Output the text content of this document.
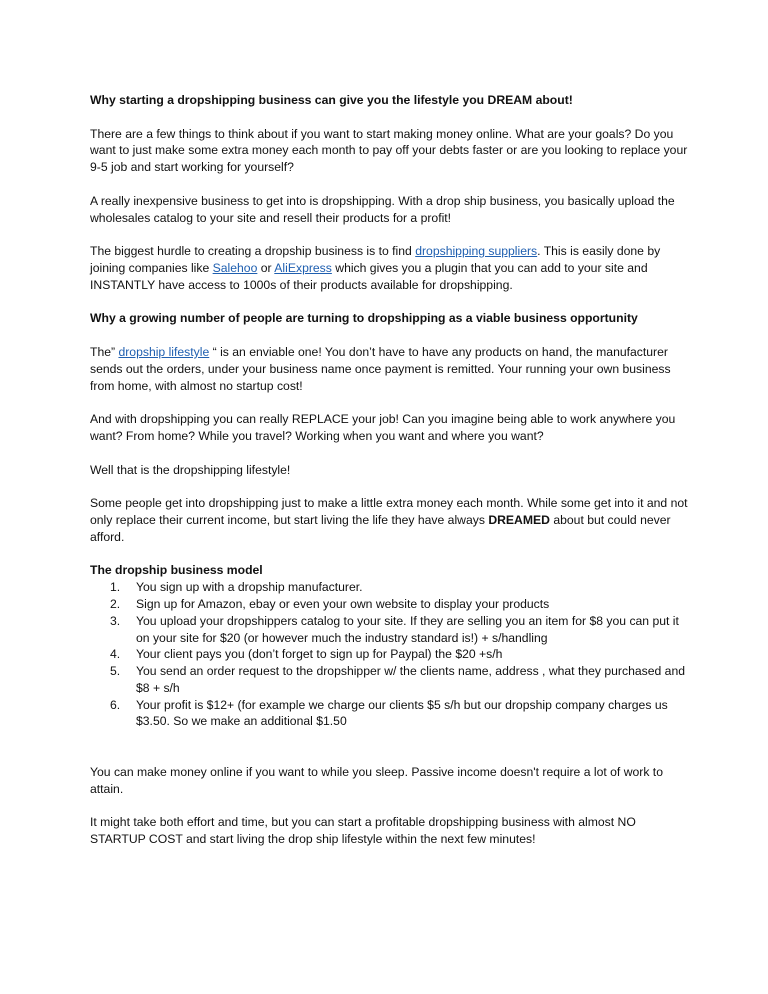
Why starting a dropshipping business can give you the lifestyle you DREAM about!

There are a few things to think about if you want to start making money online. What are your goals? Do you want to just make some extra money each month to pay off your debts faster or are you looking to replace your 9-5 job and start working for yourself?

A really inexpensive business to get into is dropshipping. With a drop ship business, you basically upload the wholesales catalog to your site and resell their products for a profit!

The biggest hurdle to creating a dropship business is to find dropshipping suppliers. This is easily done by joining companies like Salehoo or AliExpress which gives you a plugin that you can add to your site and INSTANTLY have access to 1000s of their products available for dropshipping.

Why a growing number of people are turning to dropshipping as a viable business opportunity

The” dropship lifestyle “ is an enviable one! You don’t have to have any products on hand, the manufacturer sends out the orders, under your business name once payment is remitted. Your running your own business from home, with almost no startup cost!

And with dropshipping you can really REPLACE your job! Can you imagine being able to work anywhere you want? From home? While you travel? Working when you want and where you want?

Well that is the dropshipping lifestyle!

Some people get into dropshipping just to make a little extra money each month. While some get into it and not only replace their current income, but start living the life they have always DREAMED about but could never afford.

The dropship business model
1. You sign up with a dropship manufacturer.
2. Sign up for Amazon, ebay or even your own website to display your products
3. You upload your dropshippers catalog to your site. If they are selling you an item for $8 you can put it on your site for $20 (or however much the industry standard is!) + s/handling
4. Your client pays you (don’t forget to sign up for Paypal) the $20 +s/h
5. You send an order request to the dropshipper w/ the clients name, address , what they purchased and $8 + s/h
6. Your profit is $12+ (for example we charge our clients $5 s/h but our dropship company charges us $3.50. So we make an additional $1.50

You can make money online if you want to while you sleep. Passive income doesn't require a lot of work to attain.

It might take both effort and time, but you can start a profitable dropshipping business with almost NO STARTUP COST and start living the drop ship lifestyle within the next few minutes!
